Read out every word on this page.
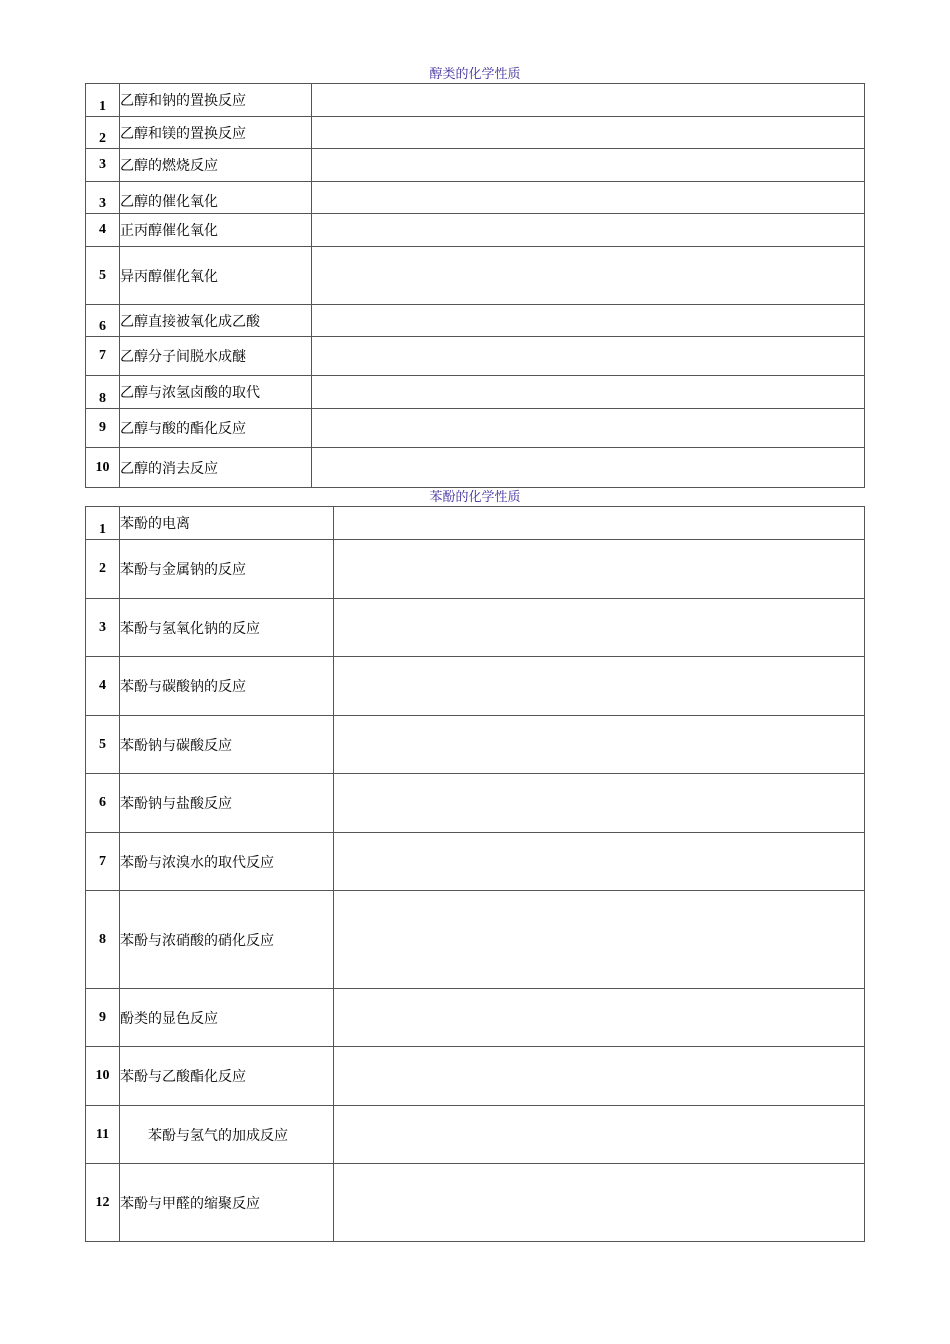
醇类的化学性质
1	乙醇和钠的置换反应	
2	乙醇和镁的置换反应	
3	乙醇的燃烧反应	
3	乙醇的催化氧化	
4	正丙醇催化氧化	
5	异丙醇催化氧化	
6	乙醇直接被氧化成乙酸	
7	乙醇分子间脱水成醚	
8	乙醇与浓氢卤酸的取代	
9	乙醇与酸的酯化反应	
10	乙醇的消去反应	
苯酚的化学性质
1	苯酚的电离	
2	苯酚与金属钠的反应	
3	苯酚与氢氧化钠的反应	
4	苯酚与碳酸钠的反应	
5	苯酚钠与碳酸反应	
6	苯酚钠与盐酸反应	
7	苯酚与浓溴水的取代反应	
8	苯酚与浓硝酸的硝化反应	
9	酚类的显色反应	
10	苯酚与乙酸酯化反应	
11	苯酚与氢气的加成反应	
12	苯酚与甲醛的缩聚反应	
